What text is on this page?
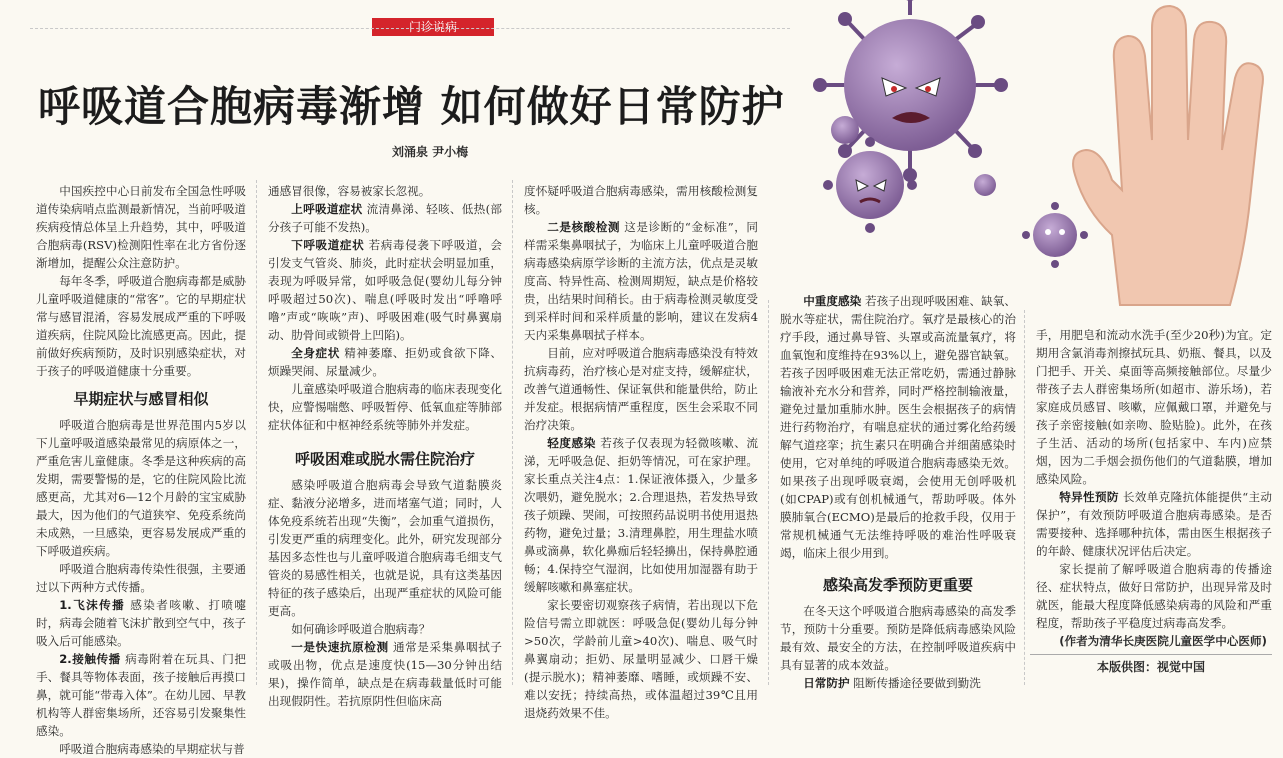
门诊说病
呼吸道合胞病毒渐增 如何做好日常防护
刘涌泉 尹小梅

中国疾控中心日前发布全国急性呼吸道传染病哨点监测最新情况，当前呼吸道疾病疫情总体呈上升趋势，其中，呼吸道合胞病毒(RSV)检测阳性率在北方省份逐渐增加，提醒公众注意防护。

每年冬季，呼吸道合胞病毒都是威胁儿童呼吸道健康的“常客”。它的早期症状常与感冒混淆，容易发展成严重的下呼吸道疾病，住院风险比流感更高。因此，提前做好疾病预防，及时识别感染症状，对于孩子的呼吸道健康十分重要。

早期症状与感冒相似

呼吸道合胞病毒是世界范围内5岁以下儿童呼吸道感染最常见的病原体之一，严重危害儿童健康。冬季是这种疾病的高发期，需要警惕的是，它的住院风险比流感更高，尤其对6—12个月龄的宝宝威胁最大，因为他们的气道狭窄、免疫系统尚未成熟，一旦感染，更容易发展成严重的下呼吸道疾病。

呼吸道合胞病毒传染性很强，主要通过以下两种方式传播。

1.飞沫传播 感染者咳嗽、打喷嚏时，病毒会随着飞沫扩散到空气中，孩子吸入后可能感染。

2.接触传播 病毒附着在玩具、门把手、餐具等物体表面，孩子接触后再摸口鼻，就可能“带毒入体”。在幼儿园、早教机构等人群密集场所，还容易引发聚集性感染。

呼吸道合胞病毒感染的早期症状与普

通感冒很像，容易被家长忽视。

上呼吸道症状 流清鼻涕、轻咳、低热(部分孩子可能不发热)。

下呼吸道症状 若病毒侵袭下呼吸道，会引发支气管炎、肺炎，此时症状会明显加重，表现为呼吸异常，如呼吸急促(婴幼儿每分钟呼吸超过50次)、喘息(呼吸时发出“呼噜呼噜”声或“咴咴”声)、呼吸困难(吸气时鼻翼扇动、肋骨间或锁骨上凹陷)。

全身症状 精神萎靡、拒奶或食欲下降、烦躁哭闹、尿量减少。

儿童感染呼吸道合胞病毒的临床表现变化快，应警惕喘憋、呼吸暂停、低氧血症等肺部症状体征和中枢神经系统等肺外并发症。

呼吸困难或脱水需住院治疗

感染呼吸道合胞病毒会导致气道黏膜炎症、黏液分泌增多，进而堵塞气道；同时，人体免疫系统若出现“失衡”，会加重气道损伤，引发更严重的病理变化。此外，研究发现部分基因多态性也与儿童呼吸道合胞病毒毛细支气管炎的易感性相关，也就是说，具有这类基因特征的孩子感染后，出现严重症状的风险可能更高。

如何确诊呼吸道合胞病毒？

一是快速抗原检测 通常是采集鼻咽拭子或吸出物，优点是速度快(15—30分钟出结果)，操作简单，缺点是在病毒载量低时可能出现假阴性。若抗原阴性但临床高

度怀疑呼吸道合胞病毒感染，需用核酸检测复核。

二是核酸检测 这是诊断的“金标准”，同样需采集鼻咽拭子，为临床上儿童呼吸道合胞病毒感染病原学诊断的主流方法，优点是灵敏度高、特异性高、检测周期短，缺点是价格较贵，出结果时间稍长。由于病毒检测灵敏度受到采样时间和采样质量的影响，建议在发病4天内采集鼻咽拭子样本。

目前，应对呼吸道合胞病毒感染没有特效抗病毒药，治疗核心是对症支持，缓解症状，改善气道通畅性、保证氧供和能量供给，防止并发症。根据病情严重程度，医生会采取不同治疗决策。

轻度感染 若孩子仅表现为轻微咳嗽、流涕，无呼吸急促、拒奶等情况，可在家护理。家长重点关注4点：1.保证液体摄入，少量多次喂奶，避免脱水；2.合理退热，若发热导致孩子烦躁、哭闹，可按照药品说明书使用退热药物，避免过量；3.清理鼻腔，用生理盐水喷鼻或滴鼻，软化鼻痂后轻轻擤出，保持鼻腔通畅；4.保持空气湿润，比如使用加湿器有助于缓解咳嗽和鼻塞症状。

家长要密切观察孩子病情，若出现以下危险信号需立即就医：呼吸急促(婴幼儿每分钟>50次，学龄前儿童>40次)、喘息、吸气时鼻翼扇动；拒奶、尿量明显减少、口唇干燥(提示脱水)；精神萎靡、嗜睡，或烦躁不安、难以安抚；持续高热，或体温超过39℃且用退烧药效果不佳。

中重度感染 若孩子出现呼吸困难、缺氧、脱水等症状，需住院治疗。氧疗是最核心的治疗手段，通过鼻导管、头罩或高流量氧疗，将血氧饱和度维持在93%以上，避免器官缺氧。若孩子因呼吸困难无法正常吃奶，需通过静脉输液补充水分和营养，同时严格控制输液量，避免过量加重肺水肿。医生会根据孩子的病情进行药物治疗，有喘息症状的通过雾化给药缓解气道痉挛；抗生素只在明确合并细菌感染时使用，它对单纯的呼吸道合胞病毒感染无效。如果孩子出现呼吸衰竭，会使用无创呼吸机(如CPAP)或有创机械通气，帮助呼吸。体外膜肺氧合(ECMO)是最后的抢救手段，仅用于常规机械通气无法维持呼吸的难治性呼吸衰竭，临床上很少用到。

感染高发季预防更重要

在冬天这个呼吸道合胞病毒感染的高发季节，预防十分重要。预防是降低病毒感染风险最有效、最安全的方法，在控制呼吸道疾病中具有显著的成本效益。

日常防护 阻断传播途径要做到勤洗

手，用肥皂和流动水洗手(至少20秒)为宜。定期用含氯消毒剂擦拭玩具、奶瓶、餐具，以及门把手、开关、桌面等高频接触部位。尽量少带孩子去人群密集场所(如超市、游乐场)，若家庭成员感冒、咳嗽，应佩戴口罩，并避免与孩子亲密接触(如亲吻、脸贴脸)。此外，在孩子生活、活动的场所(包括家中、车内)应禁烟，因为二手烟会损伤他们的气道黏膜，增加感染风险。

特异性预防 长效单克隆抗体能提供“主动保护”，有效预防呼吸道合胞病毒感染。是否需要接种、选择哪种抗体，需由医生根据孩子的年龄、健康状况评估后决定。

家长提前了解呼吸道合胞病毒的传播途径、症状特点，做好日常防护，出现异常及时就医，能最大程度降低感染病毒的风险和严重程度，帮助孩子平稳度过病毒高发季。

(作者为清华长庚医院儿童医学中心医师)

本版供图：视觉中国
